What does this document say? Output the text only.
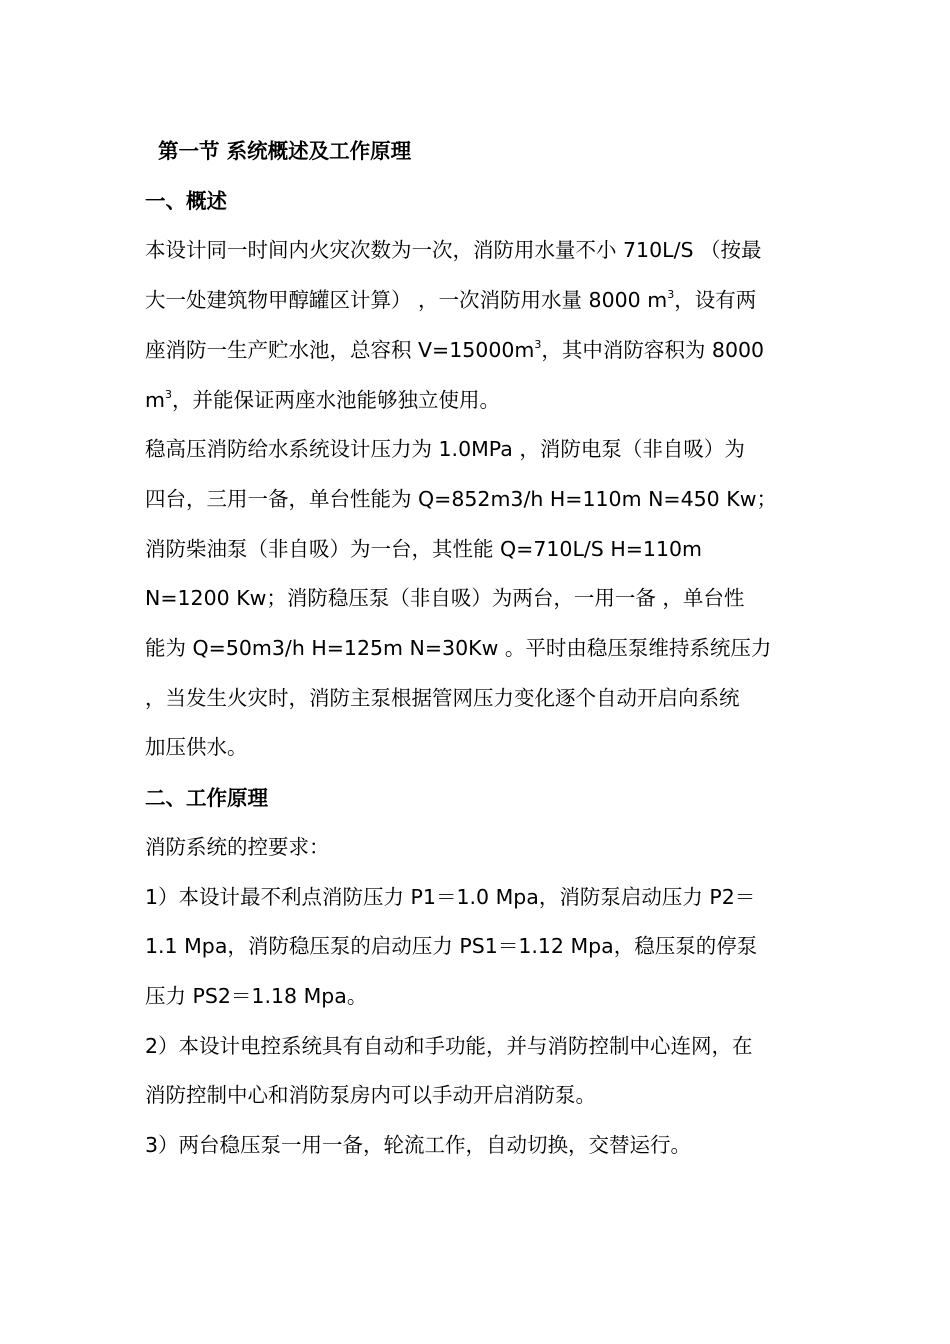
第一节 系统概述及工作原理
一、概述
本设计同一时间内火灾次数为一次，消防用水量不小 710L/S （按最
大一处建筑物甲醇罐区计算） ，一次消防用水量 8000 $m^3$，设有两
座消防一生产贮水池，总容积 $V=15000m^3$，其中消防容积为 8000
$m^3$，并能保证两座水池能够独立使用。
稳高压消防给水系统设计压力为 1.0MPa ，消防电泵（非自吸）为
四台，三用一备，单台性能为 Q=852m3/h H=110m N=450 Kw；
消防柴油泵（非自吸）为一台，其性能 Q=710L/S H=110m
N=1200 Kw；消防稳压泵（非自吸）为两台，一用一备 ，单台性
能为 Q=50m3/h H=125m N=30Kw 。平时由稳压泵维持系统压力
，当发生火灾时，消防主泵根据管网压力变化逐个自动开启向系统
加压供水。
二、工作原理
消防系统的控要求：
1）本设计最不利点消防压力 P1＝1.0 Mpa，消防泵启动压力 P2＝
1.1 Mpa，消防稳压泵的启动压力 PS1＝1.12 Mpa，稳压泵的停泵
压力 PS2＝1.18 Mpa。
2）本设计电控系统具有自动和手功能，并与消防控制中心连网，在
消防控制中心和消防泵房内可以手动开启消防泵。
3）两台稳压泵一用一备，轮流工作，自动切换，交替运行。
